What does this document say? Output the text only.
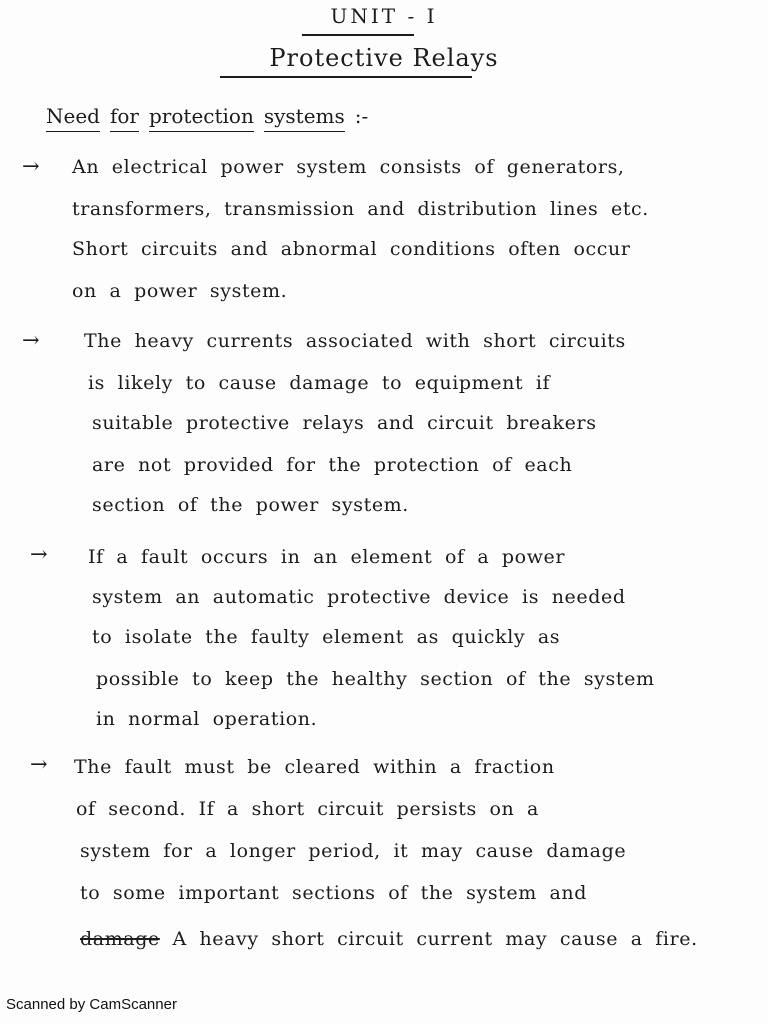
UNIT - I
Protective Relays
Need for protection systems :-
→ An electrical power system consists of generators,
transformers, transmission and distribution lines etc.
Short circuits and abnormal conditions often occur
on a power system.
→ The heavy currents associated with short circuits
is likely to cause damage to equipment if
suitable protective relays and circuit breakers
are not provided for the protection of each
section of the power system.
→ If a fault occurs in an element of a power
system an automatic protective device is needed
to isolate the faulty element as quickly as
possible to keep the healthy section of the system
in normal operation.
→ The fault must be cleared within a fraction
of second. If a short circuit persists on a
system for a longer period, it may cause damage
to some important sections of the system and
damage A heavy short circuit current may cause a fire.
Scanned by CamScanner
